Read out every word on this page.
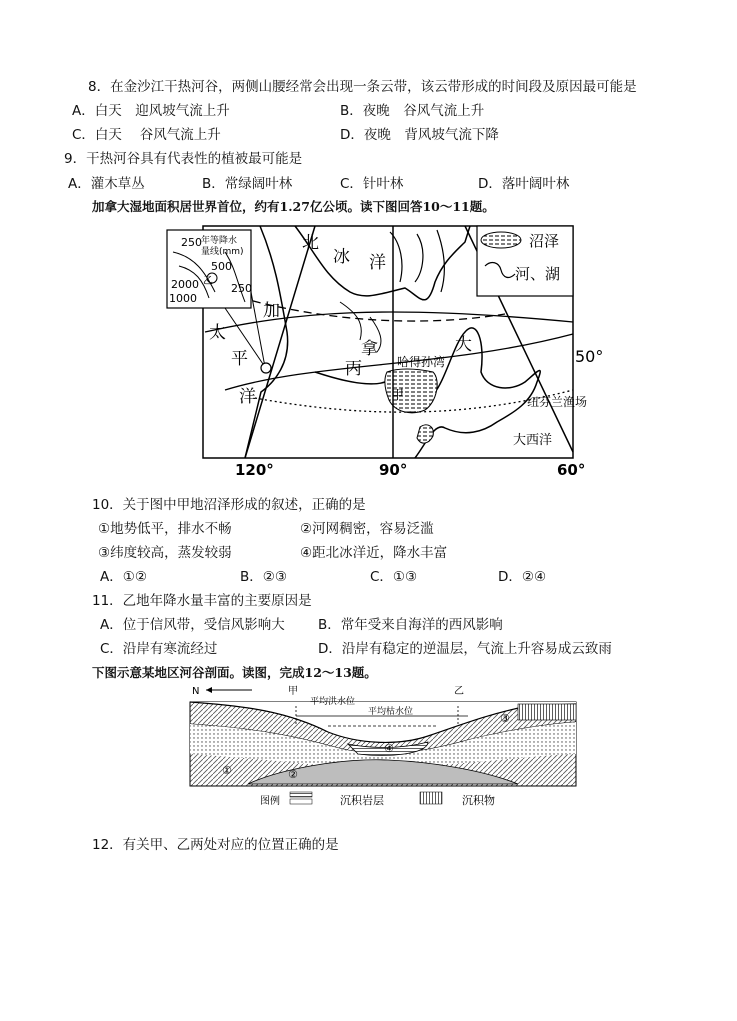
8．在金沙江干热河谷，两侧山腰经常会出现一条云带，该云带形成的时间段及原因最可能是
A．白天　迎风坡气流上升	B．夜晚　谷风气流上升
C．白天　 谷风气流上升	D．夜晚　背风坡气流下降
9．干热河谷具有代表性的植被最可能是
A．灌木草丛	B．常绿阔叶林	C．针叶林	D．落叶阔叶林
加拿大湿地面积居世界首位，约有1.27亿公顷。读下图回答10～11题。
沼泽
河、湖
年等降水
量线(mm)
250
500
2000
1000
250
乙
北
冰 洋
太
平
洋
加
拿
丙
大
哈得孙湾
甲
50°
纽芬兰渔场
大西洋
120°	90°	60°
10．关于图中甲地沼泽形成的叙述，正确的是
①地势低平，排水不畅	②河网稠密，容易泛滥
③纬度较高，蒸发较弱	④距北冰洋近，降水丰富
A．①②	B．②③	C．①③	D．②④
11．乙地年降水量丰富的主要原因是
A．位于信风带，受信风影响大 B．常年受来自海洋的西风影响
C．沿岸有寒流经过	D．沿岸有稳定的逆温层，气流上升容易成云致雨
下图示意某地区河谷剖面。读图，完成12～13题。
N	甲	乙
平均洪水位
平均枯水位
①	②
③
④
图例	沉积岩层	沉积物
12．有关甲、乙两处对应的位置正确的是
